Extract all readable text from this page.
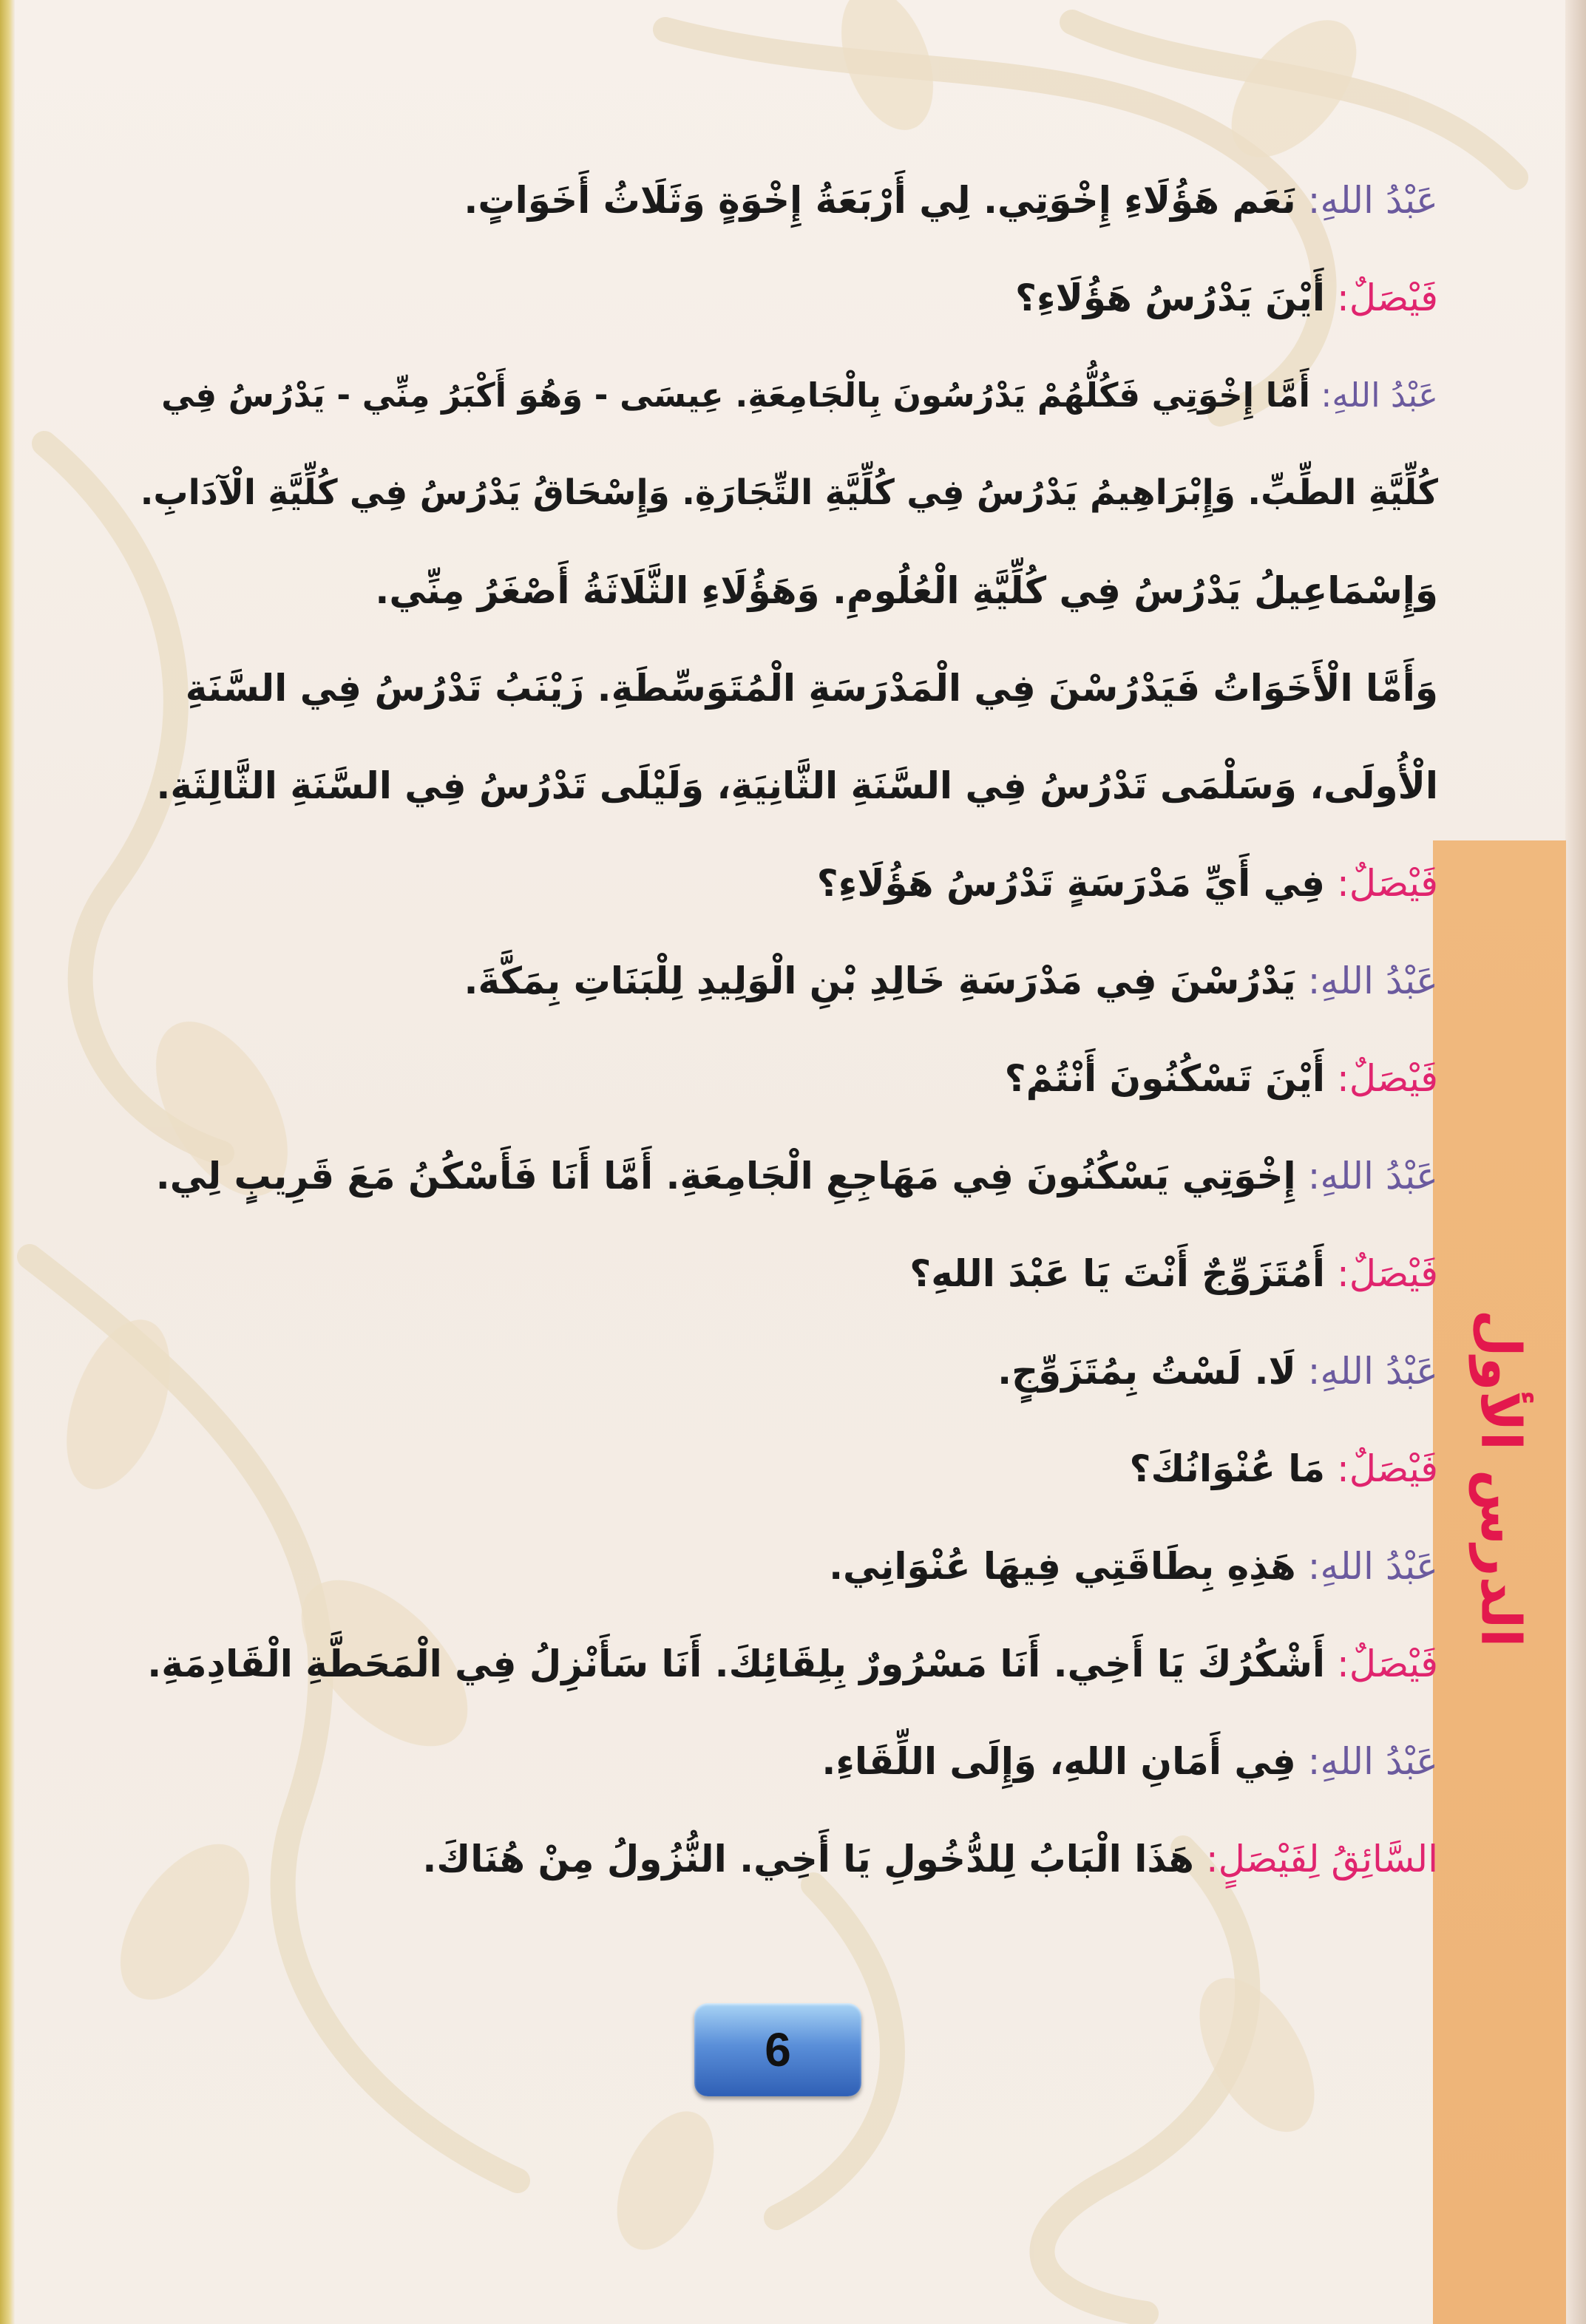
الدرس الأول
عَبْدُ اللهِ: نَعَم هَؤُلَاءِ إِخْوَتِي. لِي أَرْبَعَةُ إِخْوَةٍ وَثَلَاثُ أَخَوَاتٍ.
فَيْصَلٌ: أَيْنَ يَدْرُسُ هَؤُلَاءِ؟
عَبْدُ اللهِ: أَمَّا إِخْوَتِي فَكُلُّهُمْ يَدْرُسُونَ بِالْجَامِعَةِ. عِيسَى - وَهُوَ أَكْبَرُ مِنِّي - يَدْرُسُ فِي
كُلِّيَّةِ الطِّبِّ. وَإِبْرَاهِيمُ يَدْرُسُ فِي كُلِّيَّةِ التِّجَارَةِ. وَإِسْحَاقُ يَدْرُسُ فِي كُلِّيَّةِ الْآدَابِ.
وَإِسْمَاعِيلُ يَدْرُسُ فِي كُلِّيَّةِ الْعُلُومِ. وَهَؤُلَاءِ الثَّلَاثَةُ أَصْغَرُ مِنِّي.
وَأَمَّا الْأَخَوَاتُ فَيَدْرُسْنَ فِي الْمَدْرَسَةِ الْمُتَوَسِّطَةِ. زَيْنَبُ تَدْرُسُ فِي السَّنَةِ
الْأُولَى، وَسَلْمَى تَدْرُسُ فِي السَّنَةِ الثَّانِيَةِ، وَلَيْلَى تَدْرُسُ فِي السَّنَةِ الثَّالِثَةِ.
فَيْصَلٌ: فِي أَيِّ مَدْرَسَةٍ تَدْرُسُ هَؤُلَاءِ؟
عَبْدُ اللهِ: يَدْرُسْنَ فِي مَدْرَسَةِ خَالِدِ بْنِ الْوَلِيدِ لِلْبَنَاتِ بِمَكَّةَ.
فَيْصَلٌ: أَيْنَ تَسْكُنُونَ أَنْتُمْ؟
عَبْدُ اللهِ: إِخْوَتِي يَسْكُنُونَ فِي مَهَاجِعِ الْجَامِعَةِ. أَمَّا أَنَا فَأَسْكُنُ مَعَ قَرِيبٍ لِي.
فَيْصَلٌ: أَمُتَزَوِّجٌ أَنْتَ يَا عَبْدَ اللهِ؟
عَبْدُ اللهِ: لَا. لَسْتُ بِمُتَزَوِّجٍ.
فَيْصَلٌ: مَا عُنْوَانُكَ؟
عَبْدُ اللهِ: هَذِهِ بِطَاقَتِي فِيهَا عُنْوَانِي.
فَيْصَلٌ: أَشْكُرُكَ يَا أَخِي. أَنَا مَسْرُورٌ بِلِقَائِكَ. أَنَا سَأَنْزِلُ فِي الْمَحَطَّةِ الْقَادِمَةِ.
عَبْدُ اللهِ: فِي أَمَانِ اللهِ، وَإِلَى اللِّقَاءِ.
السَّائِقُ لِفَيْصَلٍ: هَذَا الْبَابُ لِلدُّخُولِ يَا أَخِي. النُّزُولُ مِنْ هُنَاكَ.
6
